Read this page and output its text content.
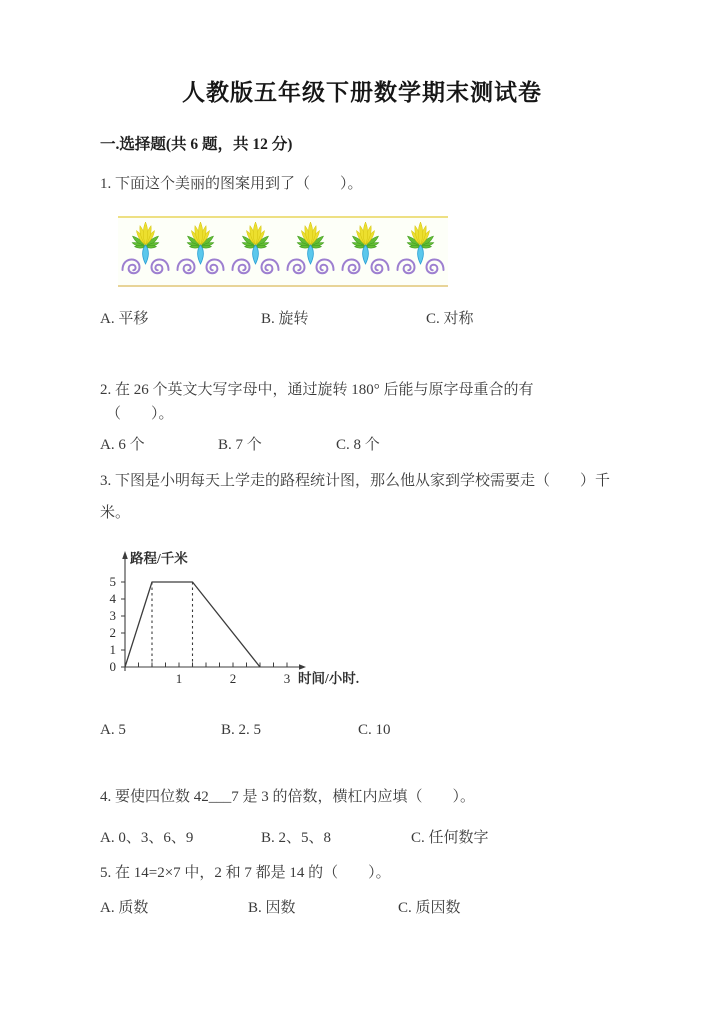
人教版五年级下册数学期末测试卷
一.选择题(共 6 题，共 12 分)

1. 下面这个美丽的图案用到了（　　）。

A. 平移	B. 旋转	C. 对称

2. 在 26 个英文大写字母中，通过旋转 180° 后能与原字母重合的有

（　　）。

A. 6 个	B. 7 个	C. 8 个

3. 下图是小明每天上学走的路程统计图，那么他从家到学校需要走（　　）千

米。

0
1
2
3
4
5
1	2	3
路程/千米
时间/小时.
A. 5	B. 2. 5	C. 10

4. 要使四位数 42___7 是 3 的倍数，横杠内应填（　　）。

A. 0、3、6、9	B. 2、5、8	C. 任何数字

5. 在 14=2×7 中，2 和 7 都是 14 的（　　）。

A. 质数	B. 因数	C. 质因数
